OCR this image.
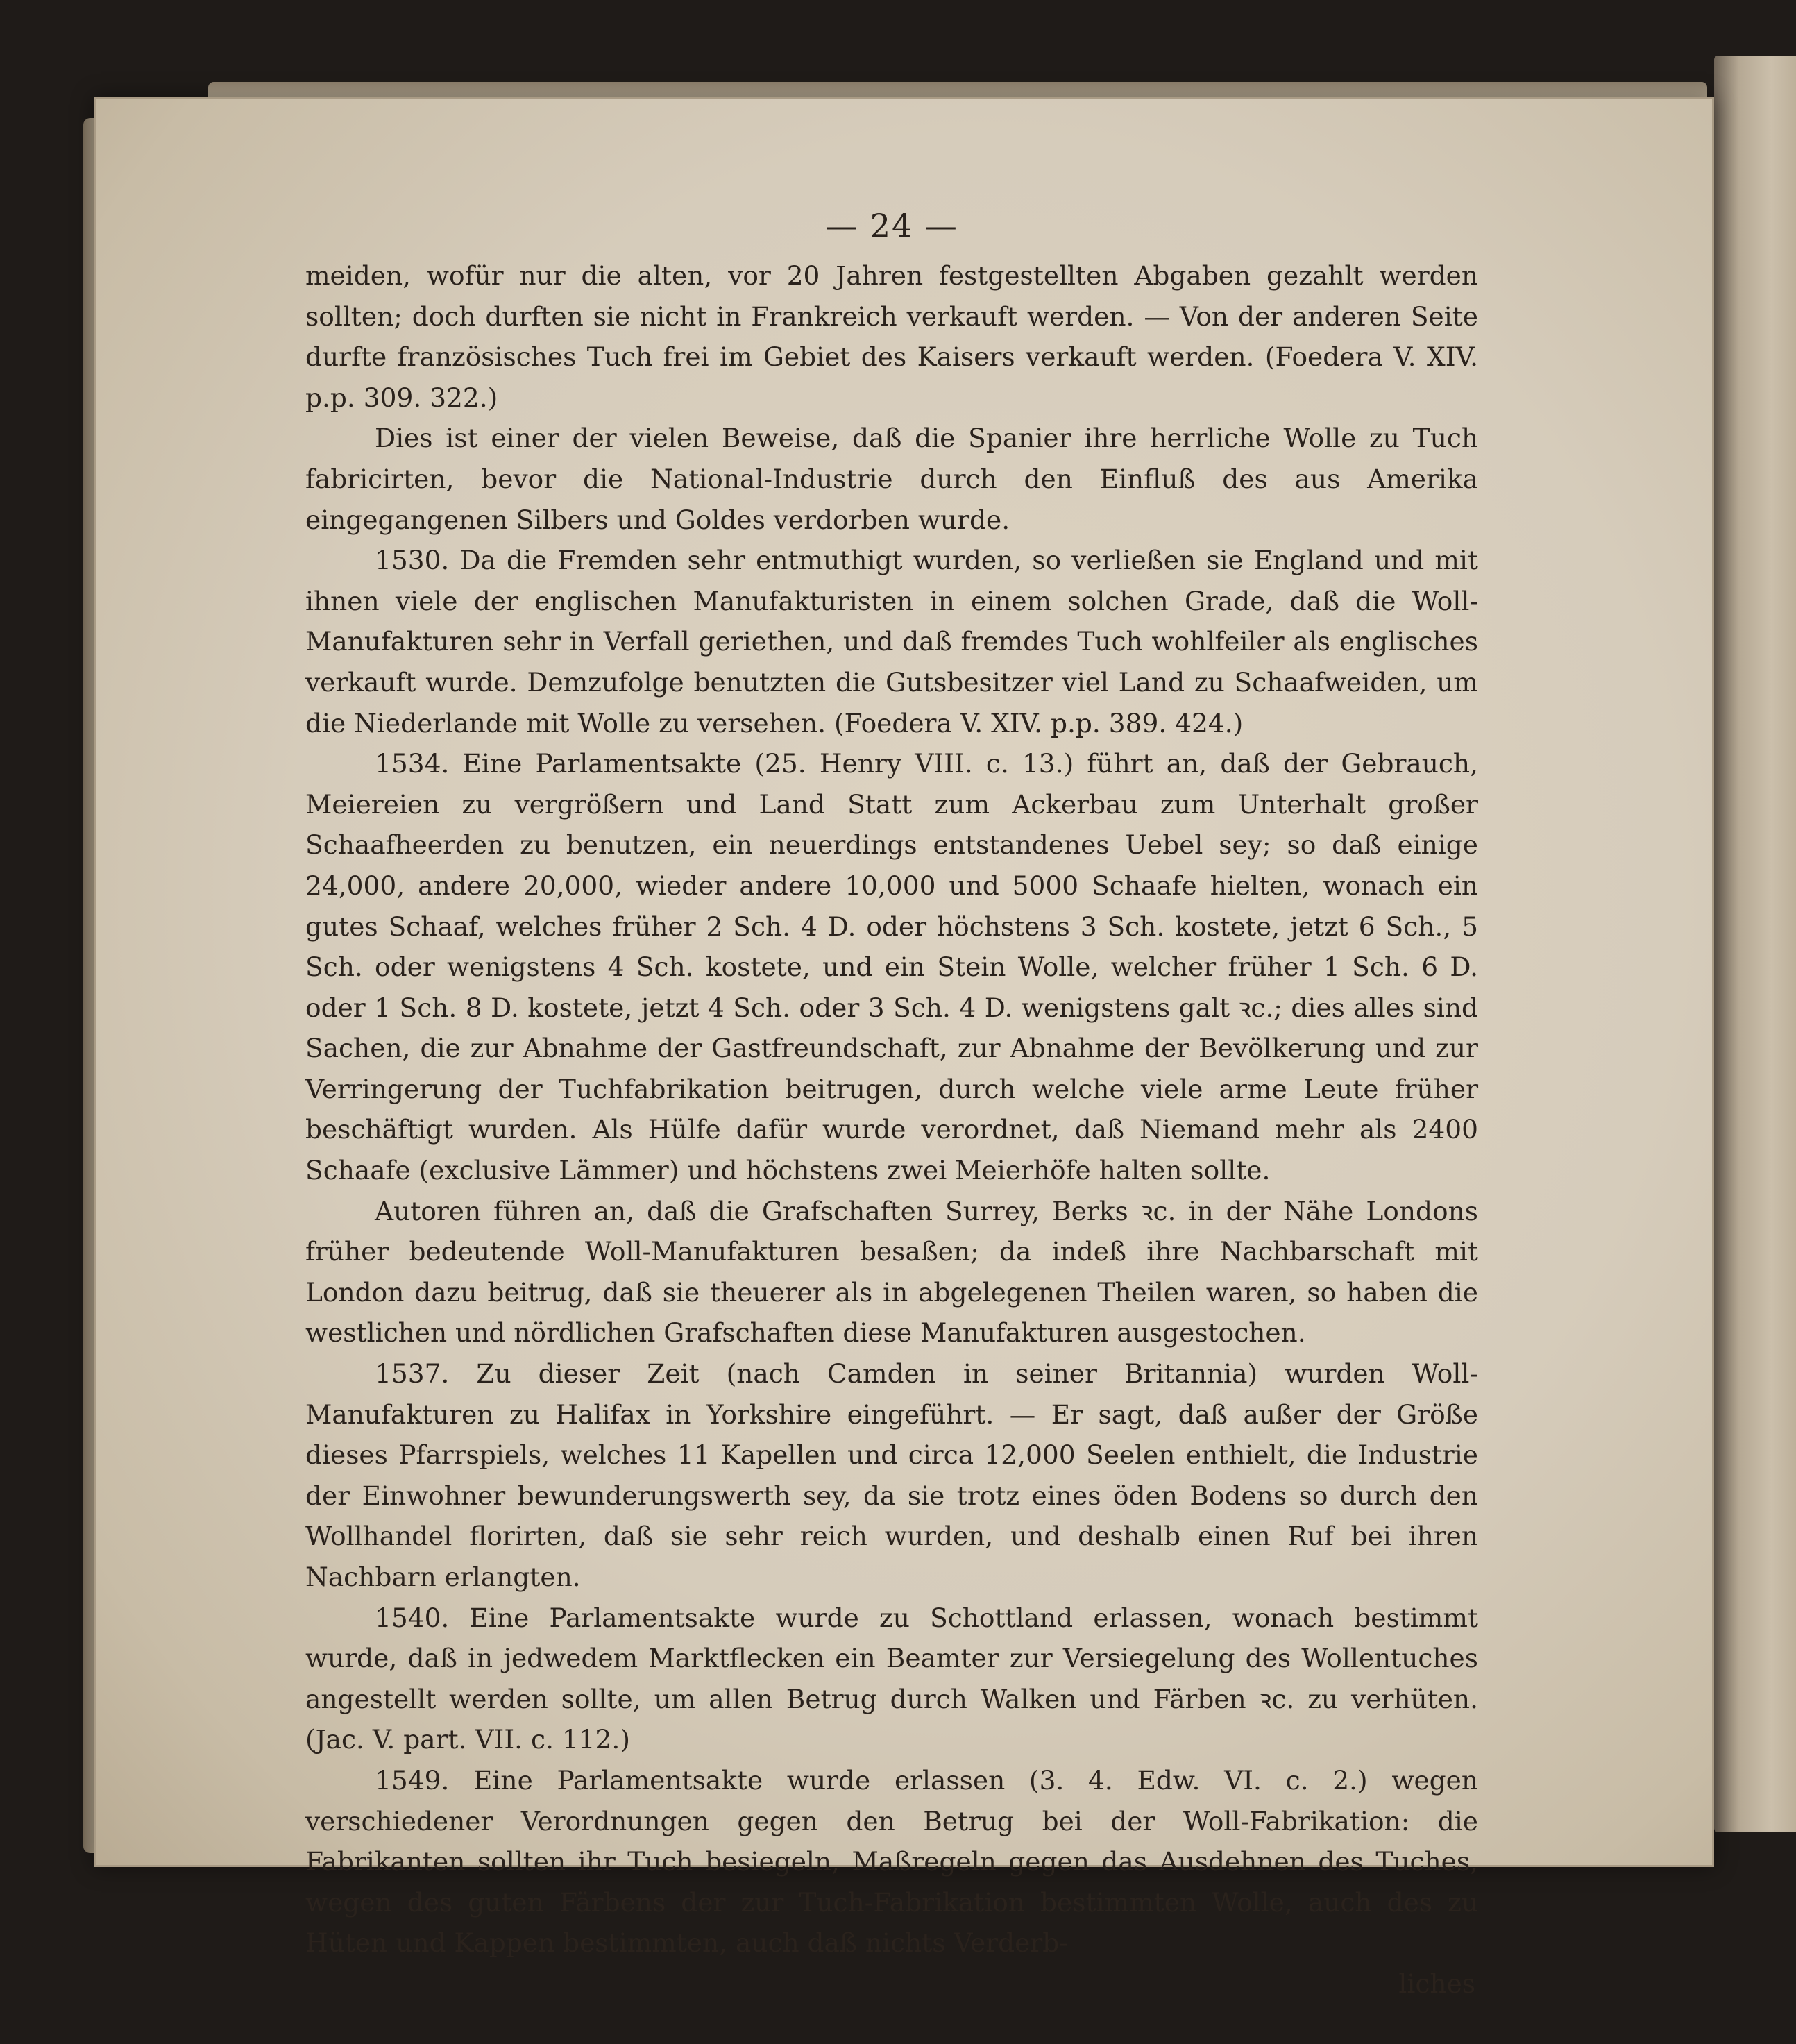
— 24 —

meiden, wofür nur die alten, vor 20 Jahren festgestellten Abgaben gezahlt werden sollten; doch durften sie nicht in Frankreich verkauft werden. — Von der anderen Seite durfte französisches Tuch frei im Gebiet des Kaisers verkauft werden. (Foedera V. XIV. p.p. 309. 322.)

Dies ist einer der vielen Beweise, daß die Spanier ihre herrliche Wolle zu Tuch fabricirten, bevor die National-Industrie durch den Einfluß des aus Amerika eingegangenen Silbers und Goldes verdorben wurde.

1530. Da die Fremden sehr entmuthigt wurden, so verließen sie England und mit ihnen viele der englischen Manufakturisten in einem solchen Grade, daß die Woll-Manufakturen sehr in Verfall geriethen, und daß fremdes Tuch wohlfeiler als englisches verkauft wurde. Demzufolge benutzten die Gutsbesitzer viel Land zu Schaafweiden, um die Niederlande mit Wolle zu versehen. (Foedera V. XIV. p.p. 389. 424.)

1534. Eine Parlamentsakte (25. Henry VIII. c. 13.) führt an, daß der Gebrauch, Meiereien zu vergrößern und Land Statt zum Ackerbau zum Unterhalt großer Schaafheerden zu benutzen, ein neuerdings entstandenes Uebel sey; so daß einige 24,000, andere 20,000, wieder andere 10,000 und 5000 Schaafe hielten, wonach ein gutes Schaaf, welches früher 2 Sch. 4 D. oder höchstens 3 Sch. kostete, jetzt 6 Sch., 5 Sch. oder wenigstens 4 Sch. kostete, und ein Stein Wolle, welcher früher 1 Sch. 6 D. oder 1 Sch. 8 D. kostete, jetzt 4 Sch. oder 3 Sch. 4 D. wenigstens galt ꝛc.; dies alles sind Sachen, die zur Abnahme der Gastfreundschaft, zur Abnahme der Bevölkerung und zur Verringerung der Tuchfabrikation beitrugen, durch welche viele arme Leute früher beschäftigt wurden. Als Hülfe dafür wurde verordnet, daß Niemand mehr als 2400 Schaafe (exclusive Lämmer) und höchstens zwei Meierhöfe halten sollte.

Autoren führen an, daß die Grafschaften Surrey, Berks ꝛc. in der Nähe Londons früher bedeutende Woll-Manufakturen besaßen; da indeß ihre Nachbarschaft mit London dazu beitrug, daß sie theuerer als in abgelegenen Theilen waren, so haben die westlichen und nördlichen Grafschaften diese Manufakturen ausgestochen.

1537. Zu dieser Zeit (nach Camden in seiner Britannia) wurden Woll-Manufakturen zu Halifax in Yorkshire eingeführt. — Er sagt, daß außer der Größe dieses Pfarrspiels, welches 11 Kapellen und circa 12,000 Seelen enthielt, die Industrie der Einwohner bewunderungswerth sey, da sie trotz eines öden Bodens so durch den Wollhandel florirten, daß sie sehr reich wurden, und deshalb einen Ruf bei ihren Nachbarn erlangten.

1540. Eine Parlamentsakte wurde zu Schottland erlassen, wonach bestimmt wurde, daß in jedwedem Marktflecken ein Beamter zur Versiegelung des Wollentuches angestellt werden sollte, um allen Betrug durch Walken und Färben ꝛc. zu verhüten. (Jac. V. part. VII. c. 112.)

1549. Eine Parlamentsakte wurde erlassen (3. 4. Edw. VI. c. 2.) wegen verschiedener Verordnungen gegen den Betrug bei der Woll-Fabrikation: die Fabrikanten sollten ihr Tuch besiegeln, Maßregeln gegen das Ausdehnen des Tuches, wegen des guten Färbens der zur Tuch-Fabrikation bestimmten Wolle, auch des zu Hüten und Kappen bestimmten, auch daß nichts Verderb-

liches
